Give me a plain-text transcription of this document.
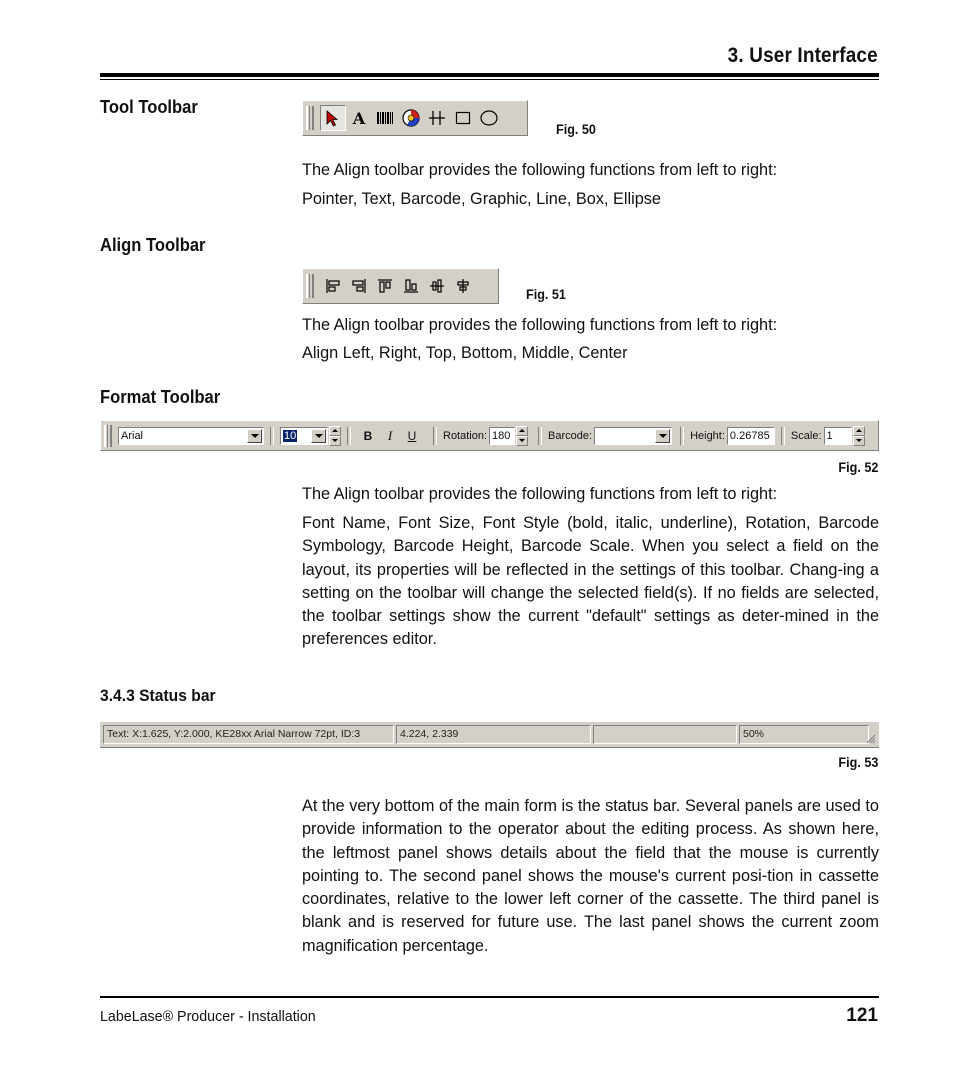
3. User Interface
Tool Toolbar
A
Fig. 50

The Align toolbar provides the following functions from left to right:

Pointer, Text, Barcode, Graphic, Line, Box, Ellipse

Align Toolbar
Fig. 51

The Align toolbar provides the following functions from left to right:

Align Left, Right, Top, Bottom, Middle, Center

Format Toolbar
Arial	10	B	I	U	Rotation: 180	Barcode:	Height: 0.26785	Scale: 1
Fig. 52

The Align toolbar provides the following functions from left to right:

Font Name, Font Size, Font Style (bold, italic, underline), Rotation, Barcode Symbology, Barcode Height, Barcode Scale. When you select a field on the layout, its properties will be reflected in the settings of this toolbar. Chang-ing a setting on the toolbar will change the selected field(s). If no fields are selected, the toolbar settings show the current "default" settings as deter-mined in the preferences editor.

3.4.3 Status bar
Text: X:1.625, Y:2.000, KE28xx Arial Narrow 72pt, ID:3	4.224, 2.339	50%
Fig. 53

At the very bottom of the main form is the status bar. Several panels are used to provide information to the operator about the editing process. As shown here, the leftmost panel shows details about the field that the mouse is currently pointing to. The second panel shows the mouse's current posi-tion in cassette coordinates, relative to the lower left corner of the cassette. The third panel is blank and is reserved for future use. The last panel shows the current zoom magnification percentage.

LabeLase® Producer - Installation	121
